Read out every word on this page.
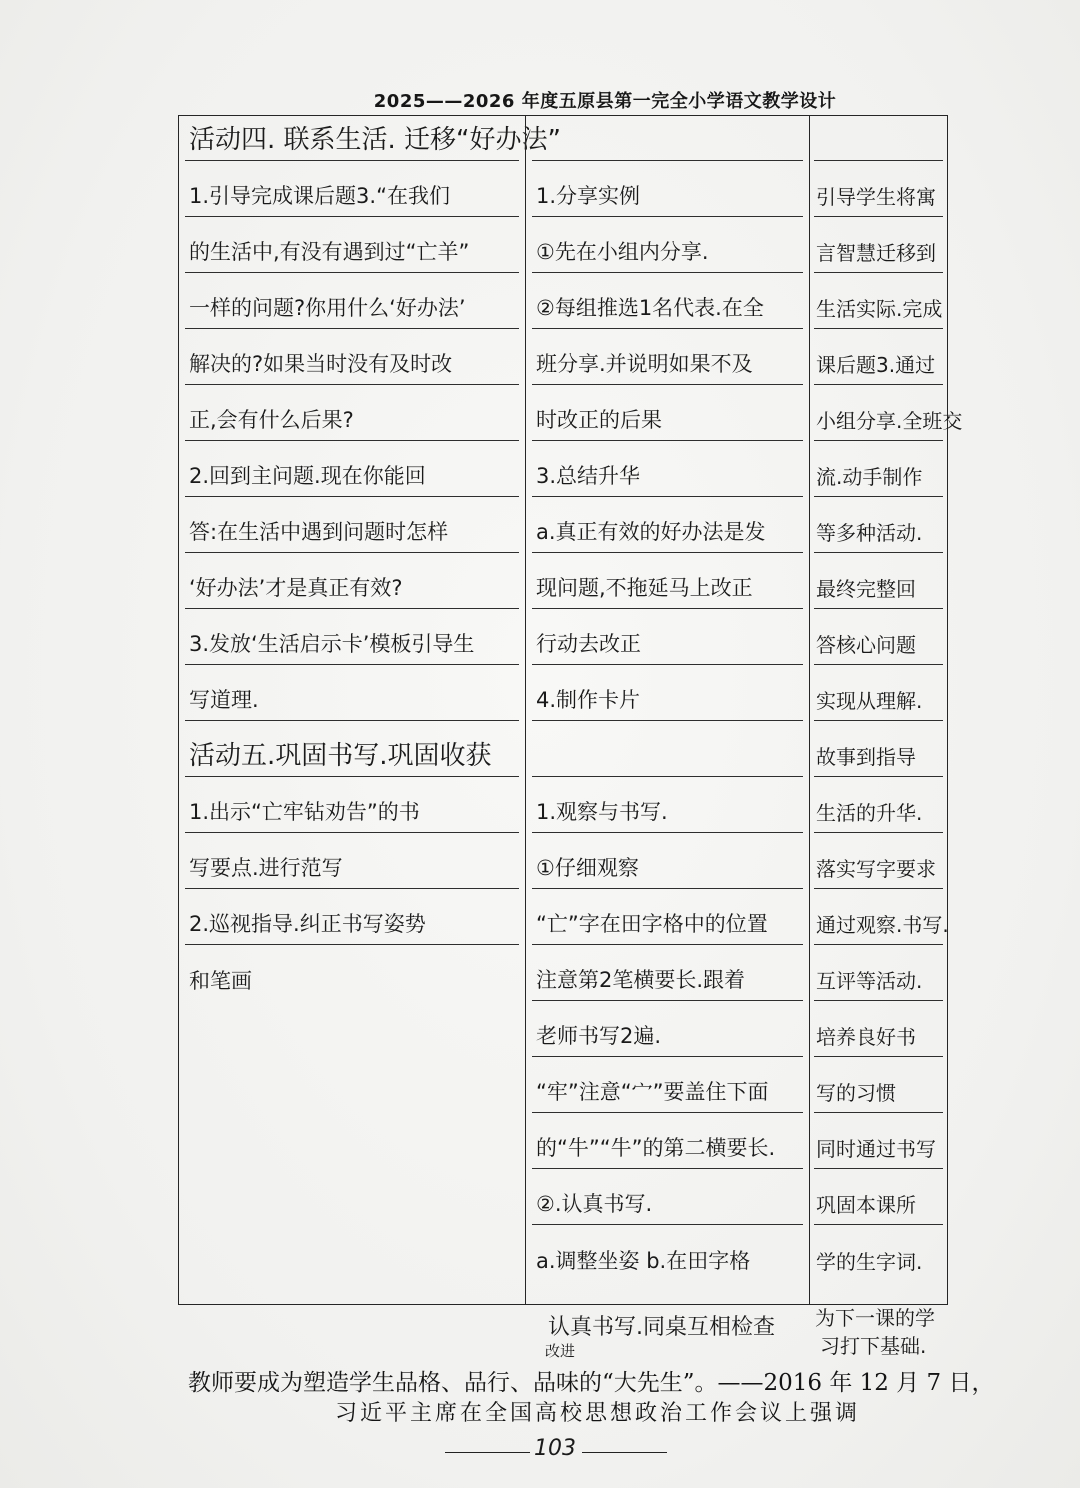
2025——2026 年度五原县第一完全小学语文教学设计
活动四. 联系生活. 迁移“好办法”
1.引导完成课后题3.“在我们
的生活中,有没有遇到过“亡羊”
一样的问题?你用什么‘好办法’
解决的?如果当时没有及时改
正,会有什么后果?
2.回到主问题.现在你能回
答:在生活中遇到问题时怎样
‘好办法’才是真正有效?
3.发放‘生活启示卡’模板引导生
写道理.
活动五.巩固书写.巩固收获
1.出示“亡牢钻劝告”的书
写要点.进行范写
2.巡视指导.纠正书写姿势
和笔画
1.分享实例
①先在小组内分享.
②每组推选1名代表.在全
班分享.并说明如果不及
时改正的后果
3.总结升华
a.真正有效的好办法是发
现问题,不拖延马上改正
行动去改正
4.制作卡片
1.观察与书写.
①仔细观察
“亡”字在田字格中的位置
注意第2笔横要长.跟着
老师书写2遍.
“牢”注意“宀”要盖住下面
的“牛”“牛”的第二横要长.
②.认真书写.
a.调整坐姿 b.在田字格
引导学生将寓
言智慧迁移到
生活实际.完成
课后题3.通过
小组分享.全班交
流.动手制作
等多种活动.
最终完整回
答核心问题
实现从理解.
故事到指导
生活的升华.
落实写字要求
通过观察.书写.
互评等活动.
培养良好书
写的习惯
同时通过书写
巩固本课所
学的生字词.
认真书写.同桌互相检查
改进
为下一课的学
习打下基础.
教师要成为塑造学生品格、品行、品味的“大先生”。——2016 年 12 月 7 日，
习近平主席在全国高校思想政治工作会议上强调
103
